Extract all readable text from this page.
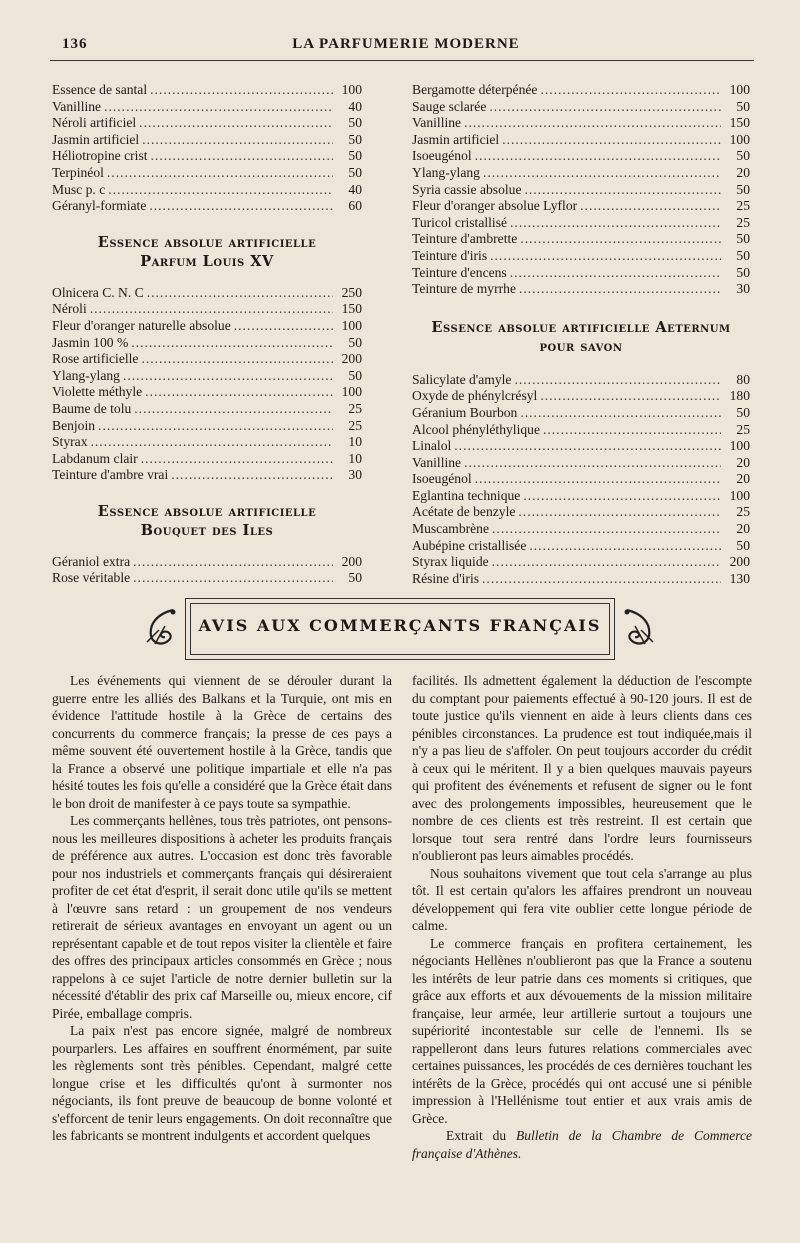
136	LA PARFUMERIE MODERNE
Essence de santal .....	100
Vanilline .....	40
Néroli artificiel .....	50
Jasmin artificiel .....	50
Héliotropine crist .....	50
Terpinéol .....	50
Musc p. c .....	40
Géranyl-formiate .....	60
Essence absolue artificielle
Parfum Louis XV
Olnicera C. N. C .....	250
Néroli .....	150
Fleur d'oranger naturelle absolue .....	100
Jasmin 100 % .....	50
Rose artificielle .....	200
Ylang-ylang .....	50
Violette méthyle .....	100
Baume de tolu .....	25
Benjoin .....	25
Styrax .....	10
Labdanum clair .....	10
Teinture d'ambre vrai .....	30
Essence absolue artificielle
Bouquet des Iles
Géraniol extra .....	200
Rose véritable .....	50
Bergamotte déterpénée .....	100
Sauge sclarée .....	50
Vanilline .....	150
Jasmin artificiel .....	100
Isoeugénol .....	50
Ylang-ylang .....	20
Syria cassie absolue .....	50
Fleur d'oranger absolue Lyflor .....	25
Turicol cristallisé .....	25
Teinture d'ambrette .....	50
Teinture d'iris .....	50
Teinture d'encens .....	50
Teinture de myrrhe .....	30
Essence absolue artificielle Aeternum
pour savon
Salicylate d'amyle .....	80
Oxyde de phénylcrésyl .....	180
Géranium Bourbon .....	50
Alcool phényléthylique .....	25
Linalol .....	100
Vanilline .....	20
Isoeugénol .....	20
Eglantina technique .....	100
Acétate de benzyle .....	25
Muscambrène .....	20
Aubépine cristallisée .....	50
Styrax liquide .....	200
Résine d'iris .....	130
AVIS AUX COMMERÇANTS FRANÇAIS

Les événements qui viennent de se dérouler durant la guerre entre les alliés des Balkans et la Turquie, ont mis en évidence l'attitude hostile à la Grèce de certains des concurrents du commerce français; la presse de ces pays a même souvent été ouvertement hostile à la Grèce, tandis que la France a observé une politique impartiale et elle n'a pas hésité toutes les fois qu'elle a considéré que la Grèce était dans le bon droit de manifester à ce pays toute sa sympathie.

Les commerçants hellènes, tous très patriotes, ont pensons-nous les meilleures dispositions à acheter les produits français de préférence aux autres. L'occasion est donc très favorable pour nos industriels et commerçants français qui désireraient profiter de cet état d'esprit, il serait donc utile qu'ils se mettent à l'œuvre sans retard : un groupement de nos vendeurs retirerait de sérieux avantages en envoyant un agent ou un représentant capable et de tout repos visiter la clientèle et faire des offres des principaux articles consommés en Grèce ; nous rappelons à ce sujet l'article de notre dernier bulletin sur la nécessité d'établir des prix caf Marseille ou, mieux encore, cif Pirée, emballage compris.

La paix n'est pas encore signée, malgré de nombreux pourparlers. Les affaires en souffrent énormément, par suite les règlements sont très pénibles. Cependant, malgré cette longue crise et les difficultés qu'ont à surmonter nos négociants, ils font preuve de beaucoup de bonne volonté et s'efforcent de tenir leurs engagements. On doit reconnaître que les fabricants se montrent indulgents et accordent quelques

facilités. Ils admettent également la déduction de l'escompte du comptant pour paiements effectué à 90-120 jours. Il est de toute justice qu'ils viennent en aide à leurs clients dans ces pénibles circonstances. La prudence est tout indiquée,mais il n'y a pas lieu de s'affoler. On peut toujours accorder du crédit à ceux qui le méritent. Il y a bien quelques mauvais payeurs qui profitent des événements et refusent de signer ou le font avec des prolongements impossibles, heureusement que le nombre de ces clients est très restreint. Il est certain que lorsque tout sera rentré dans l'ordre leurs fournisseurs n'oublieront pas leurs aimables procédés.

Nous souhaitons vivement que tout cela s'arrange au plus tôt. Il est certain qu'alors les affaires prendront un nouveau développement qui fera vite oublier cette longue période de calme.

Le commerce français en profitera certainement, les négociants Hellènes n'oublieront pas que la France a soutenu les intérêts de leur patrie dans ces moments si critiques, que grâce aux efforts et aux dévouements de la mission militaire française, leur armée, leur artillerie surtout a toujours une supériorité incontestable sur celle de l'ennemi. Ils se rappelleront dans leurs futures relations commerciales avec certaines puissances, les procédés de ces dernières touchant les intérêts de la Grèce, procédés qui ont accusé une si pénible impression à l'Hellénisme tout entier et aux vrais amis de Grèce.

Extrait du Bulletin de la Chambre de Commerce française d'Athènes.
